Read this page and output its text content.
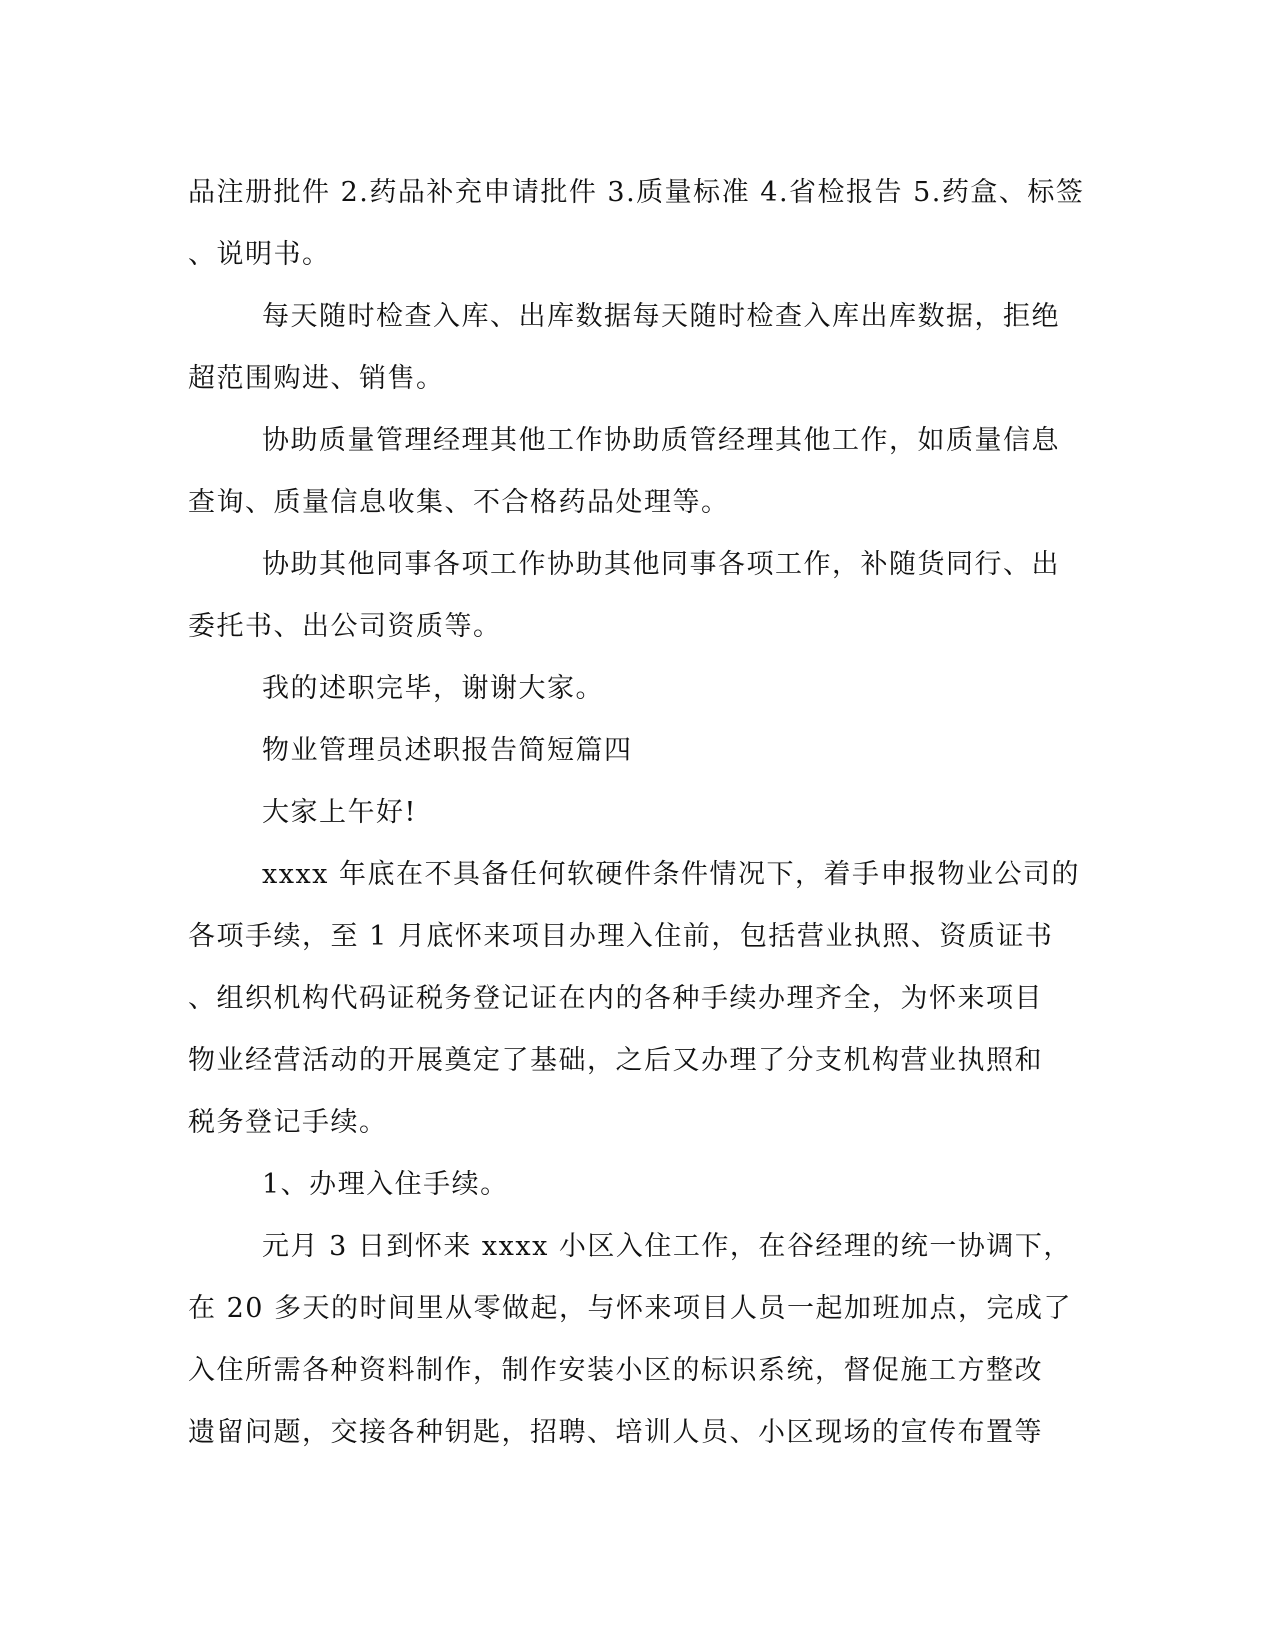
品注册批件 2.药品补充申请批件 3.质量标准 4.省检报告 5.药盒、标签
、说明书。
每天随时检查入库、出库数据每天随时检查入库出库数据，拒绝
超范围购进、销售。
协助质量管理经理其他工作协助质管经理其他工作，如质量信息
查询、质量信息收集、不合格药品处理等。
协助其他同事各项工作协助其他同事各项工作，补随货同行、出
委托书、出公司资质等。
我的述职完毕，谢谢大家。
物业管理员述职报告简短篇四
大家上午好!
xxxx 年底在不具备任何软硬件条件情况下，着手申报物业公司的
各项手续，至 1 月底怀来项目办理入住前，包括营业执照、资质证书
、组织机构代码证税务登记证在内的各种手续办理齐全，为怀来项目
物业经营活动的开展奠定了基础，之后又办理了分支机构营业执照和
税务登记手续。
1、办理入住手续。
元月 3 日到怀来 xxxx 小区入住工作，在谷经理的统一协调下，
在 20 多天的时间里从零做起，与怀来项目人员一起加班加点，完成了
入住所需各种资料制作，制作安装小区的标识系统，督促施工方整改
遗留问题，交接各种钥匙，招聘、培训人员、小区现场的宣传布置等
